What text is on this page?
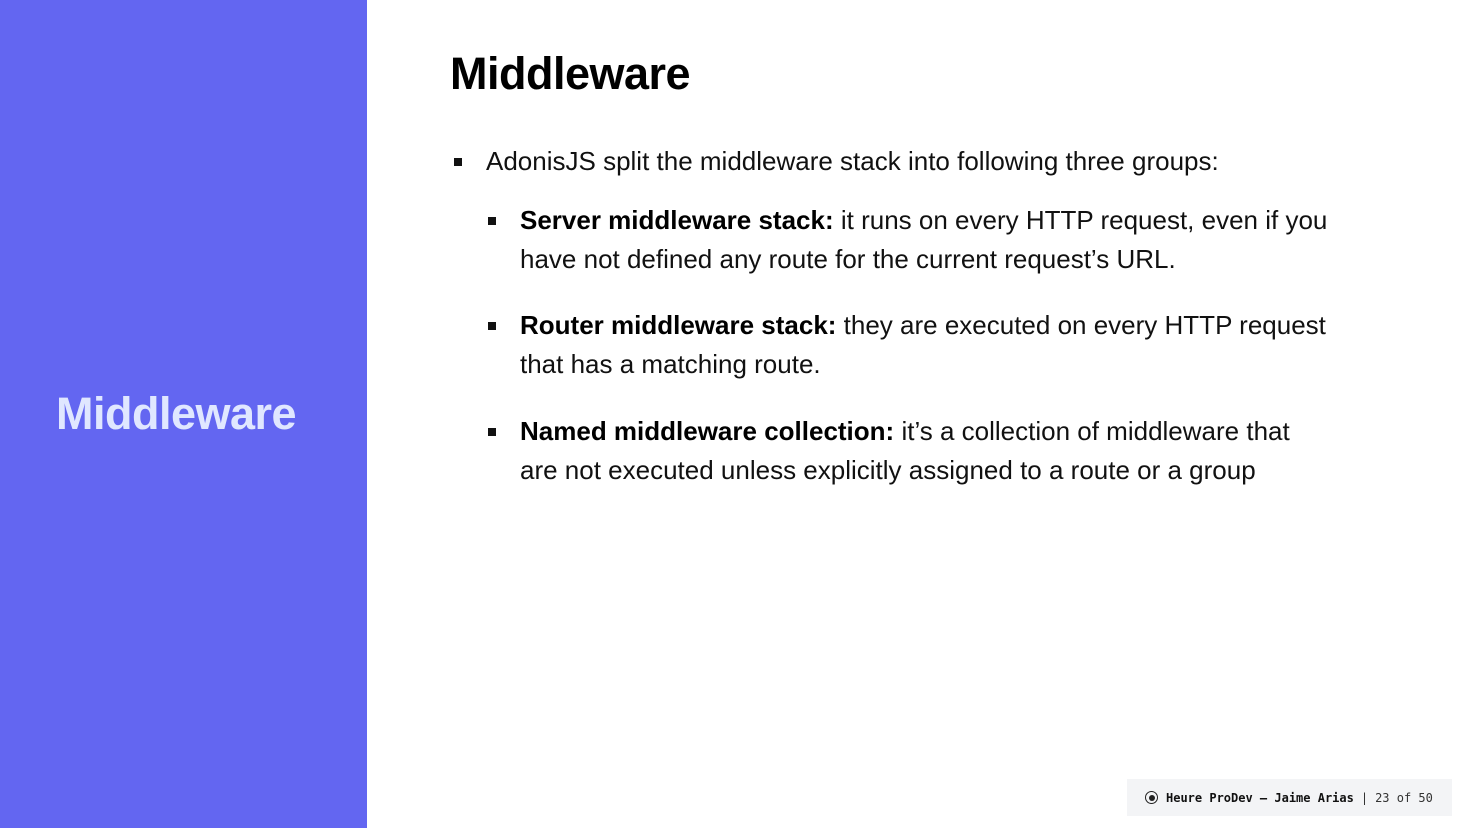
Middleware
Middleware
AdonisJS split the middleware stack into following three groups:
Server middleware stack: it runs on every HTTP request, even if you
have not defined any route for the current request’s URL.
Router middleware stack: they are executed on every HTTP request
that has a matching route.
Named middleware collection: it’s a collection of middleware that
are not executed unless explicitly assigned to a route or a group
Heure ProDev – Jaime Arias | 23 of 50
